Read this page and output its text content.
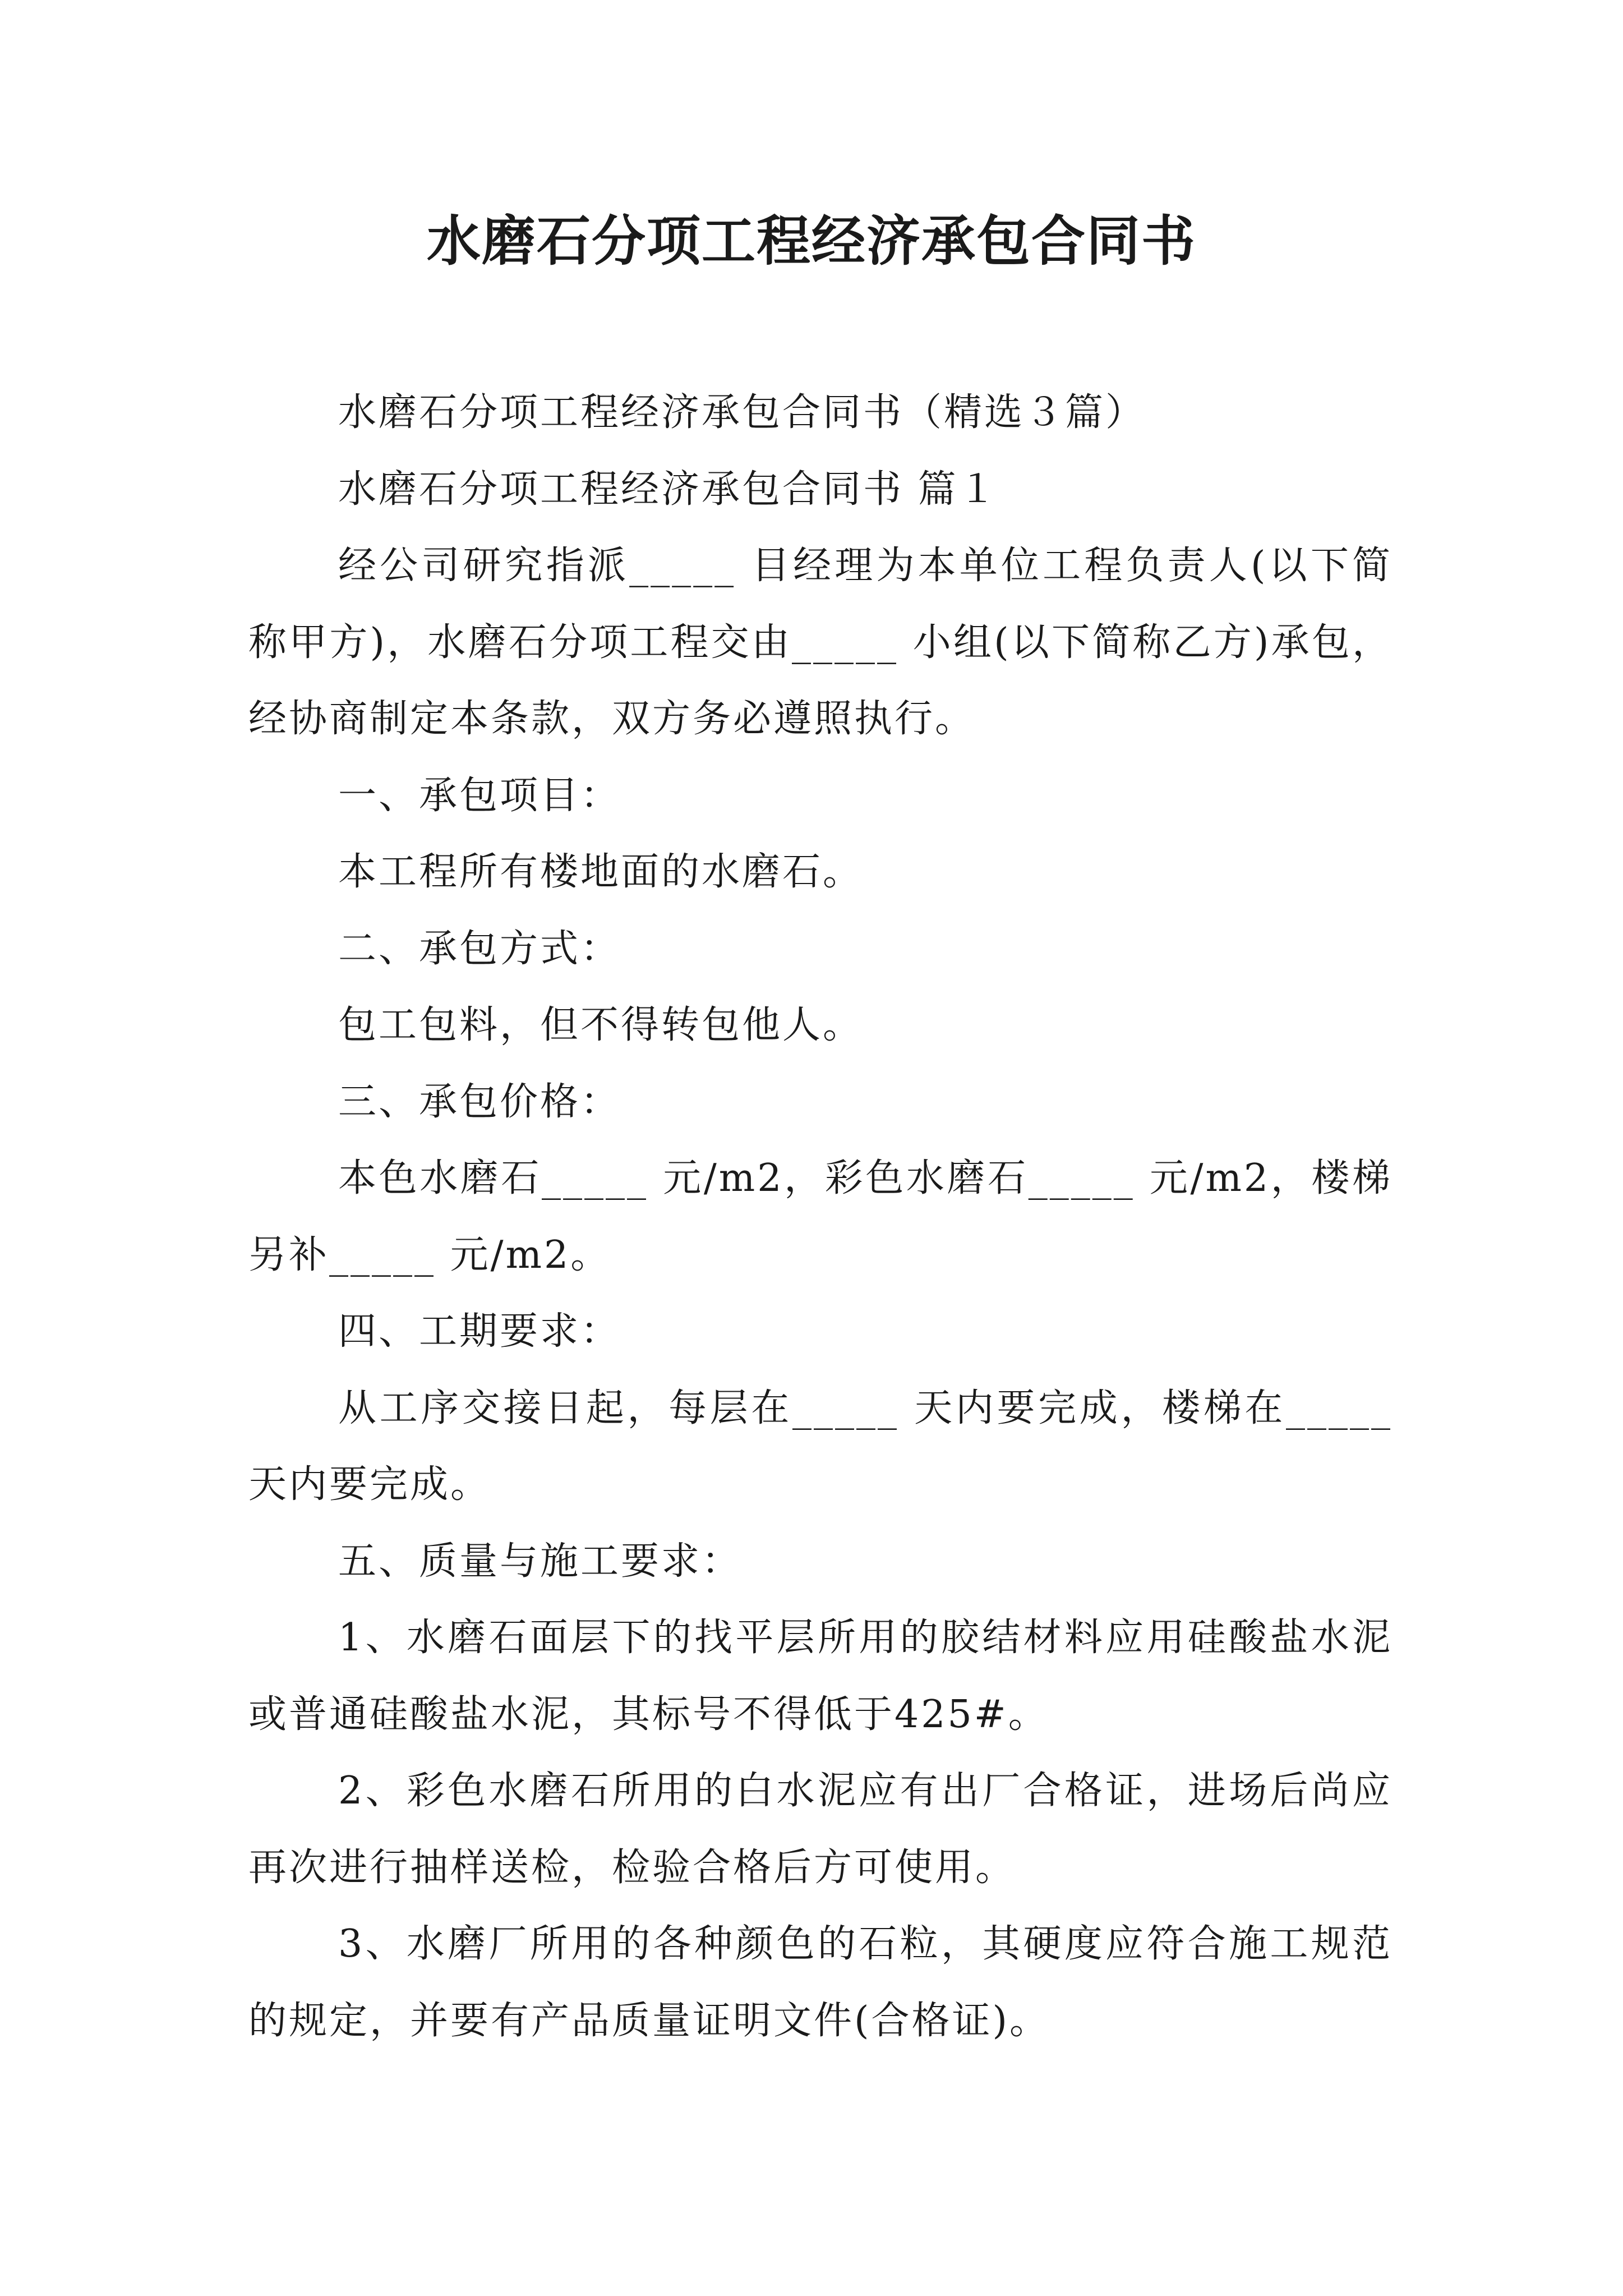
水磨石分项工程经济承包合同书

水磨石分项工程经济承包合同书（精选３篇）

水磨石分项工程经济承包合同书 篇１

经公司研究指派_____ 目经理为本单位工程负责人(以下简称甲方)，水磨石分项工程交由_____ 小组(以下简称乙方)承包，经协商制定本条款，双方务必遵照执行。

一、承包项目：

本工程所有楼地面的水磨石。

二、承包方式：

包工包料，但不得转包他人。

三、承包价格：

本色水磨石_____ 元/m2，彩色水磨石_____ 元/m2，楼梯另补_____ 元/m2。

四、工期要求：

从工序交接日起，每层在_____ 天内要完成，楼梯在_____ 天内要完成。

五、质量与施工要求：

1、水磨石面层下的找平层所用的胶结材料应用硅酸盐水泥或普通硅酸盐水泥，其标号不得低于425#。

2、彩色水磨石所用的白水泥应有出厂合格证，进场后尚应再次进行抽样送检，检验合格后方可使用。

3、水磨厂所用的各种颜色的石粒，其硬度应符合施工规范的规定，并要有产品质量证明文件(合格证)。
